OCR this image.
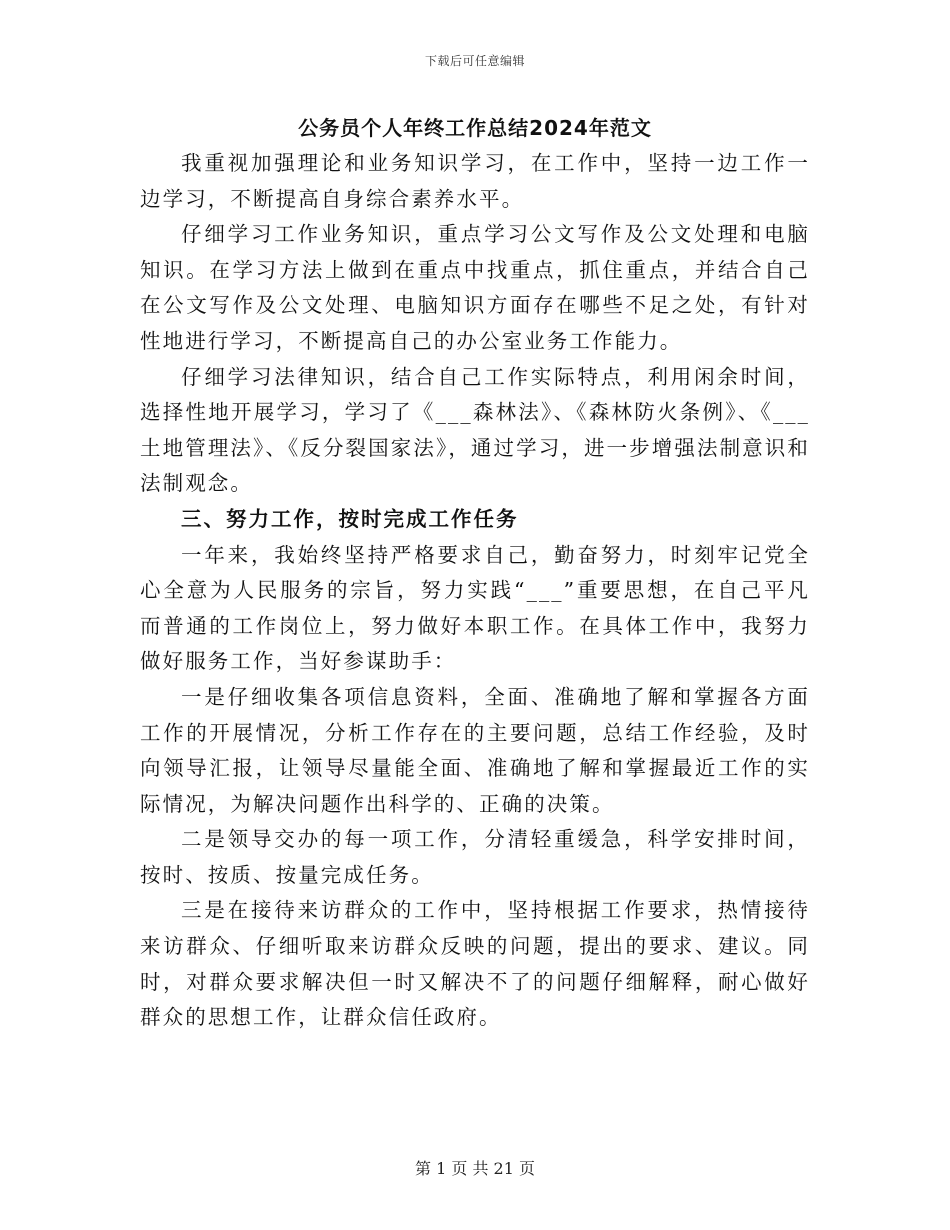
下载后可任意编辑
公务员个人年终工作总结2024年范文

我重视加强理论和业务知识学习，在工作中，坚持一边工作一边学习，不断提高自身综合素养水平。

仔细学习工作业务知识，重点学习公文写作及公文处理和电脑知识。在学习方法上做到在重点中找重点，抓住重点，并结合自己在公文写作及公文处理、电脑知识方面存在哪些不足之处，有针对性地进行学习，不断提高自己的办公室业务工作能力。

仔细学习法律知识，结合自己工作实际特点，利用闲余时间，选择性地开展学习，学习了《___森林法》、《森林防火条例》、《___土地管理法》、《反分裂国家法》，通过学习，进一步增强法制意识和法制观念。

三、努力工作，按时完成工作任务

一年来，我始终坚持严格要求自己，勤奋努力，时刻牢记党全心全意为人民服务的宗旨，努力实践“___”重要思想，在自己平凡而普通的工作岗位上，努力做好本职工作。在具体工作中，我努力做好服务工作，当好参谋助手：

一是仔细收集各项信息资料，全面、准确地了解和掌握各方面工作的开展情况，分析工作存在的主要问题，总结工作经验，及时向领导汇报，让领导尽量能全面、准确地了解和掌握最近工作的实际情况，为解决问题作出科学的、正确的决策。

二是领导交办的每一项工作，分清轻重缓急，科学安排时间，按时、按质、按量完成任务。

三是在接待来访群众的工作中，坚持根据工作要求，热情接待来访群众、仔细听取来访群众反映的问题，提出的要求、建议。同时，对群众要求解决但一时又解决不了的问题仔细解释，耐心做好群众的思想工作，让群众信任政府。

第 1 页 共 21 页
